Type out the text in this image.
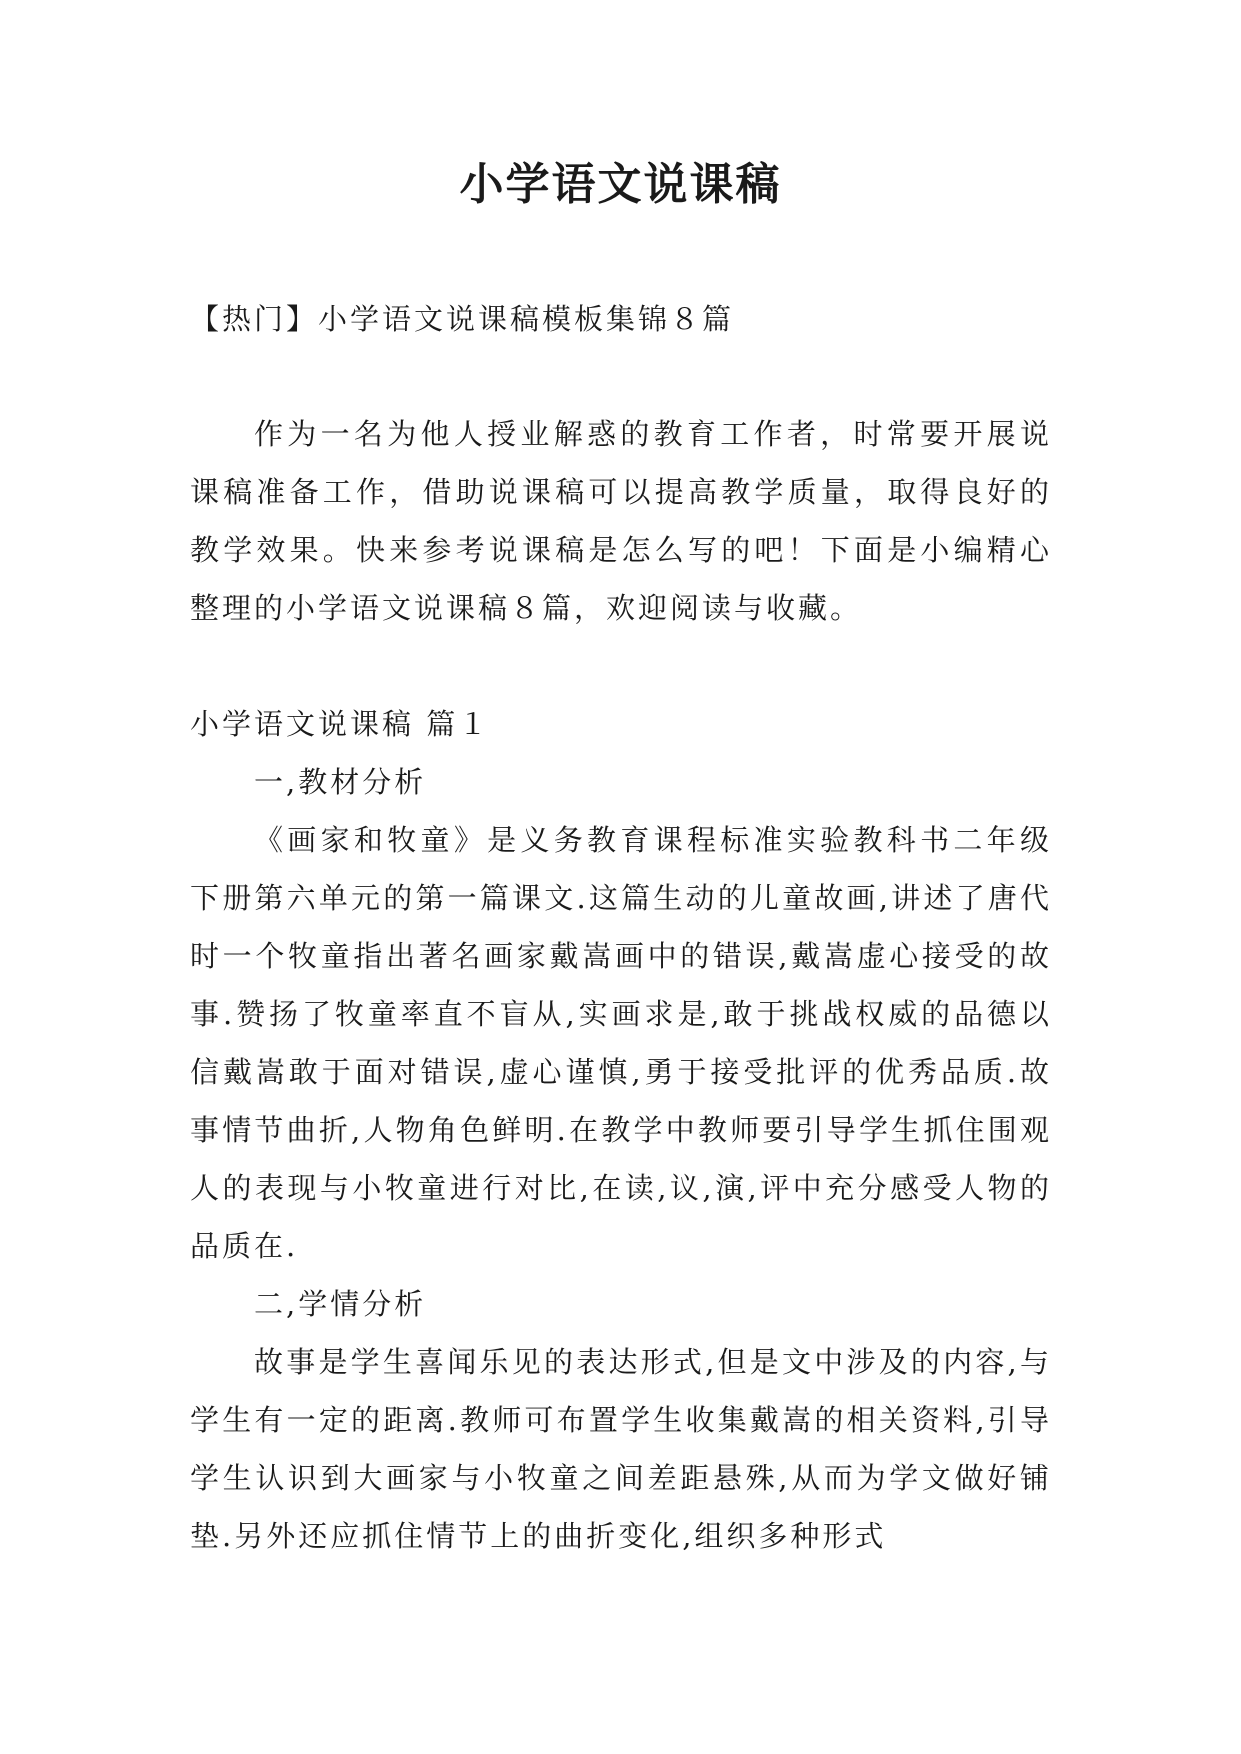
小学语文说课稿

【热门】小学语文说课稿模板集锦８篇

作为一名为他人授业解惑的教育工作者，时常要开展说课稿准备工作，借助说课稿可以提高教学质量，取得良好的教学效果。快来参考说课稿是怎么写的吧！下面是小编精心整理的小学语文说课稿８篇，欢迎阅读与收藏。

小学语文说课稿 篇１

一,教材分析

《画家和牧童》是义务教育课程标准实验教科书二年级下册第六单元的第一篇课文.这篇生动的儿童故画,讲述了唐代时一个牧童指出著名画家戴嵩画中的错误,戴嵩虚心接受的故事.赞扬了牧童率直不盲从,实画求是,敢于挑战权威的品德以信戴嵩敢于面对错误,虚心谨慎,勇于接受批评的优秀品质.故事情节曲折,人物角色鲜明.在教学中教师要引导学生抓住围观人的表现与小牧童进行对比,在读,议,演,评中充分感受人物的品质在.

二,学情分析

故事是学生喜闻乐见的表达形式,但是文中涉及的内容,与学生有一定的距离.教师可布置学生收集戴嵩的相关资料,引导学生认识到大画家与小牧童之间差距悬殊,从而为学文做好铺垫.另外还应抓住情节上的曲折变化,组织多种形式
